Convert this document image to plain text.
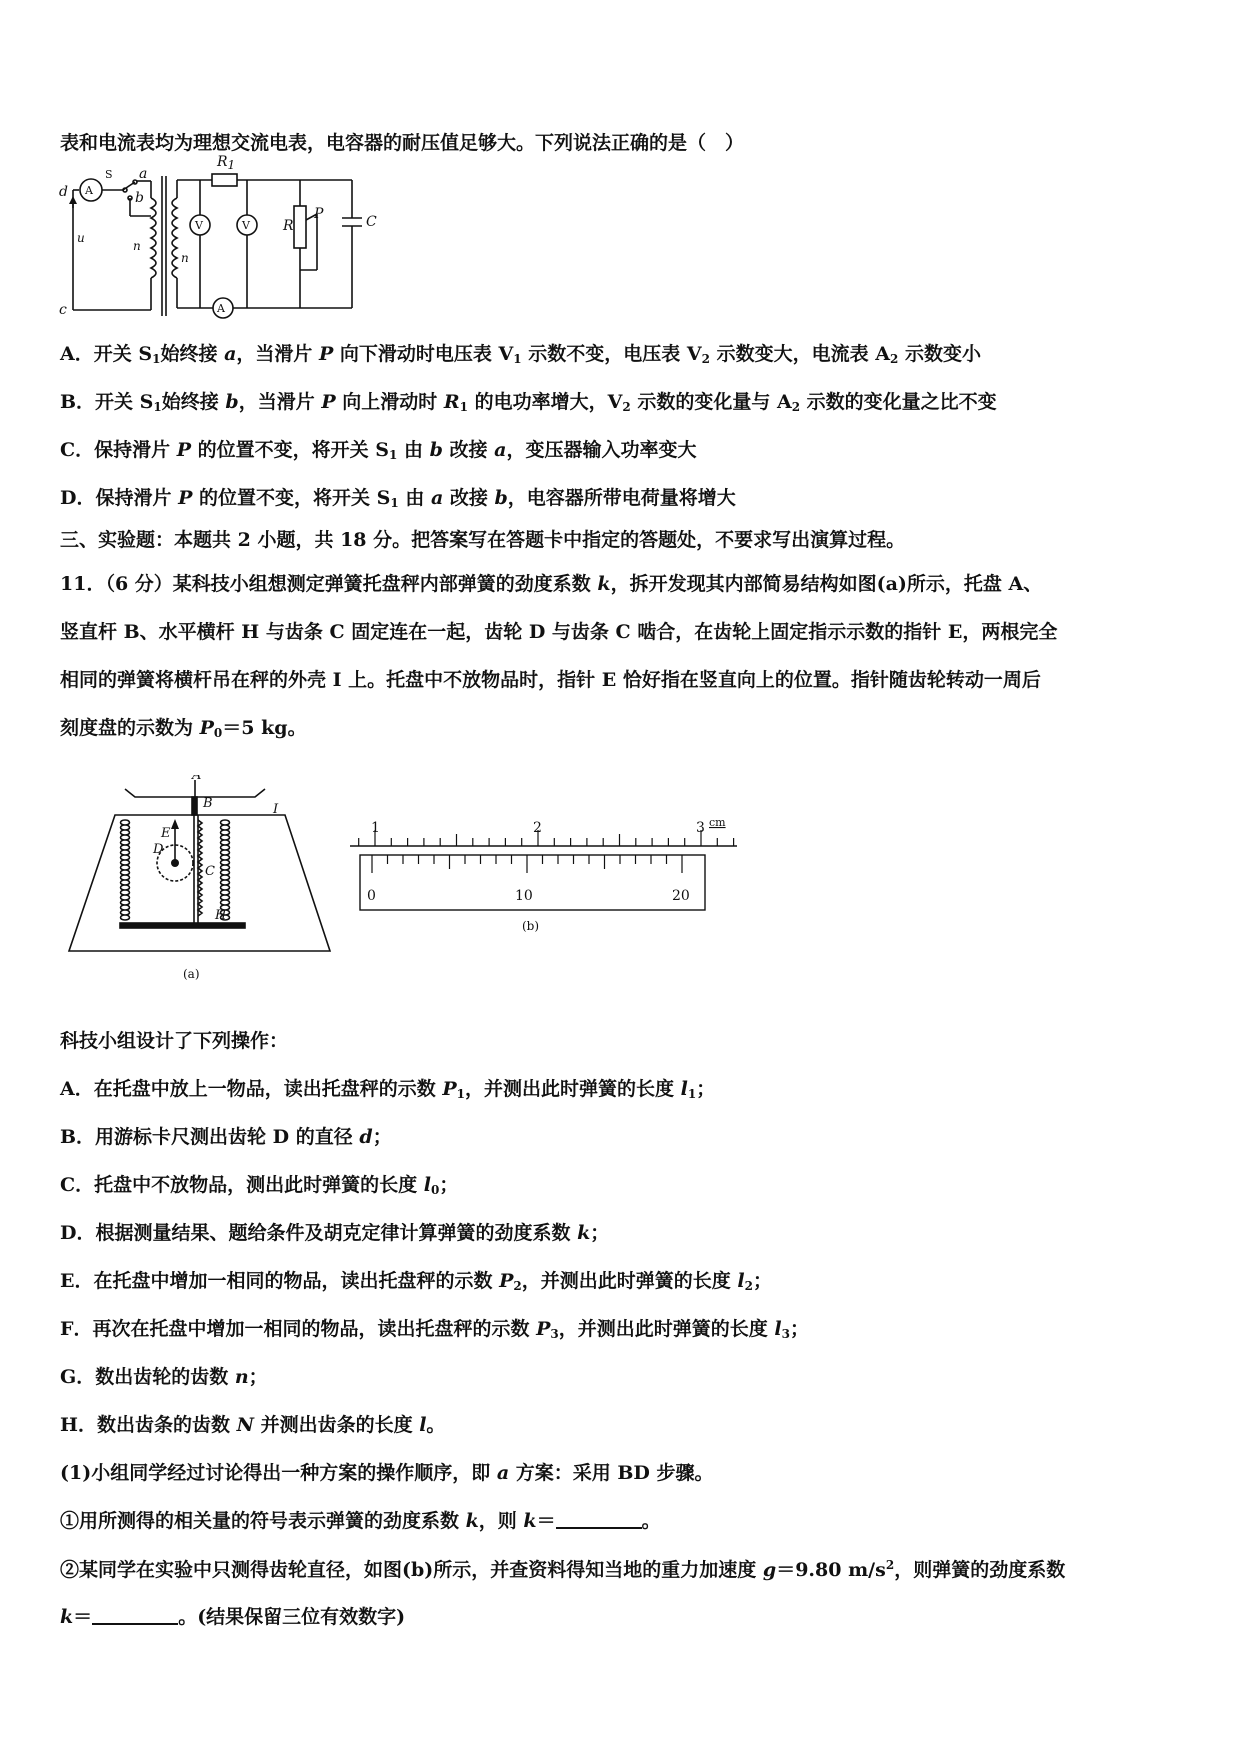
表和电流表均为理想交流电表，电容器的耐压值足够大。下列说法正确的是（　）
d
c
u
n
n
a
b
R
P	C
A
A
V	V
S
$R_1$
A．开关 $S_1$始终接 a，当滑片 P 向下滑动时电压表 $V_1$ 示数不变，电压表 $V_2$ 示数变大，电流表 $A_2$ 示数变小
B．开关 $S_1$始终接 b，当滑片 P 向上滑动时 $R_1$ 的电功率增大，$V_2$ 示数的变化量与 $A_2$ 示数的变化量之比不变
C．保持滑片 P 的位置不变，将开关 $S_1$ 由 b 改接 a，变压器输入功率变大
D．保持滑片 P 的位置不变，将开关 $S_1$ 由 a 改接 b，电容器所带电荷量将增大
三、实验题：本题共 2 小题，共 18 分。把答案写在答题卡中指定的答题处，不要求写出演算过程。
11．（6 分）某科技小组想测定弹簧托盘秤内部弹簧的劲度系数 k，拆开发现其内部简易结构如图(a)所示，托盘 A、
竖直杆 B、水平横杆 H 与齿条 C 固定连在一起，齿轮 D 与齿条 C 啮合，在齿轮上固定指示示数的指针 E，两根完全
相同的弹簧将横杆吊在秤的外壳 I 上。托盘中不放物品时，指针 E 恰好指在竖直向上的位置。指针随齿轮转动一周后
刻度盘的示数为 $P_0=5$ kg。
A
B
E
D
C
H
I
(a)
1	2	3 cm
0	10	20
(b)
科技小组设计了下列操作：
A．在托盘中放上一物品，读出托盘秤的示数 $P_1$，并测出此时弹簧的长度 $l_1$；
B．用游标卡尺测出齿轮 D 的直径 d；
C．托盘中不放物品，测出此时弹簧的长度 $l_0$；
D．根据测量结果、题给条件及胡克定律计算弹簧的劲度系数 k；
E．在托盘中增加一相同的物品，读出托盘秤的示数 $P_2$，并测出此时弹簧的长度 $l_2$；
F．再次在托盘中增加一相同的物品，读出托盘秤的示数 $P_3$，并测出此时弹簧的长度 $l_3$；
G．数出齿轮的齿数 n；
H．数出齿条的齿数 N 并测出齿条的长度 l。
(1)小组同学经过讨论得出一种方案的操作顺序，即 a 方案：采用 BD 步骤。
①用所测得的相关量的符号表示弹簧的劲度系数 k，则 k＝	。
②某同学在实验中只测得齿轮直径，如图(b)所示，并查资料得知当地的重力加速度 g＝9.80 $m/s^2$，则弹簧的劲度系数
k＝	。(结果保留三位有效数字)
